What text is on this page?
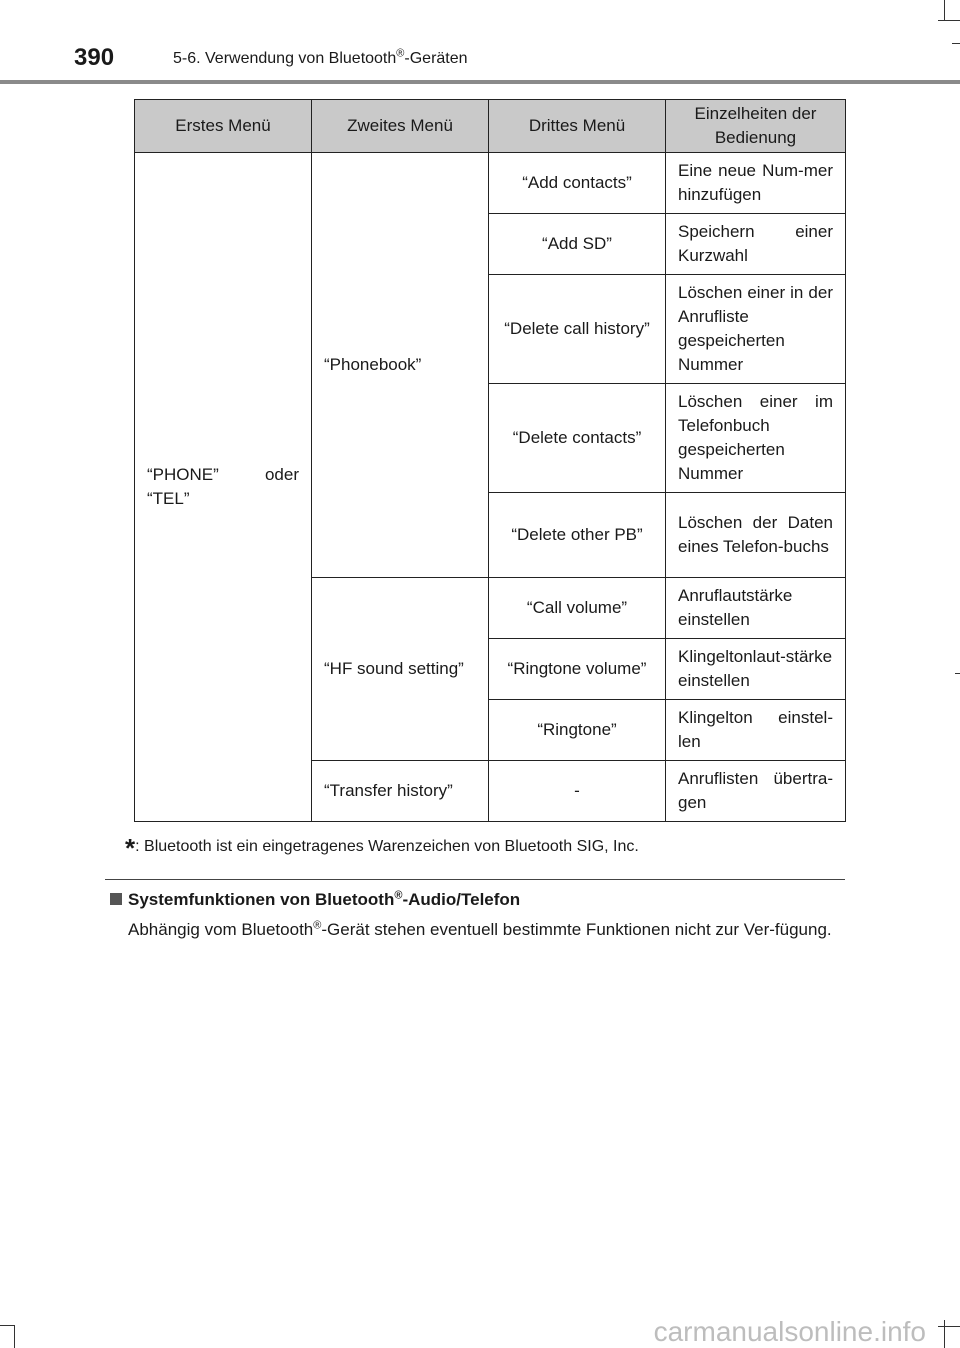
390	5-6. Verwendung von Bluetooth®-Geräten
Erstes Menü	Zweites Menü	Drittes Menü	Einzelheiten der Bedienung
“PHONE” oder “TEL”	“Phonebook”	“Add contacts”	Eine neue Num-mer hinzufügen
		“Add SD”	Speichern einer Kurzwahl
		“Delete call history”	Löschen einer in der Anrufliste gespeicherten Nummer
		“Delete contacts”	Löschen einer im Telefonbuch gespeicherten Nummer
		“Delete other PB”	Löschen der Daten eines Telefon-buchs
	“HF sound setting”	“Call volume”	Anruflautstärke einstellen
		“Ringtone volume”	Klingeltonlaut-stärke einstellen
		“Ringtone”	Klingelton einstel-len
	“Transfer history”	-	Anruflisten übertra-gen
*: Bluetooth ist ein eingetragenes Warenzeichen von Bluetooth SIG, Inc.
Systemfunktionen von Bluetooth®-Audio/Telefon
Abhängig vom Bluetooth®-Gerät stehen eventuell bestimmte Funktionen nicht zur Ver-fügung.
carmanualsonline.info
